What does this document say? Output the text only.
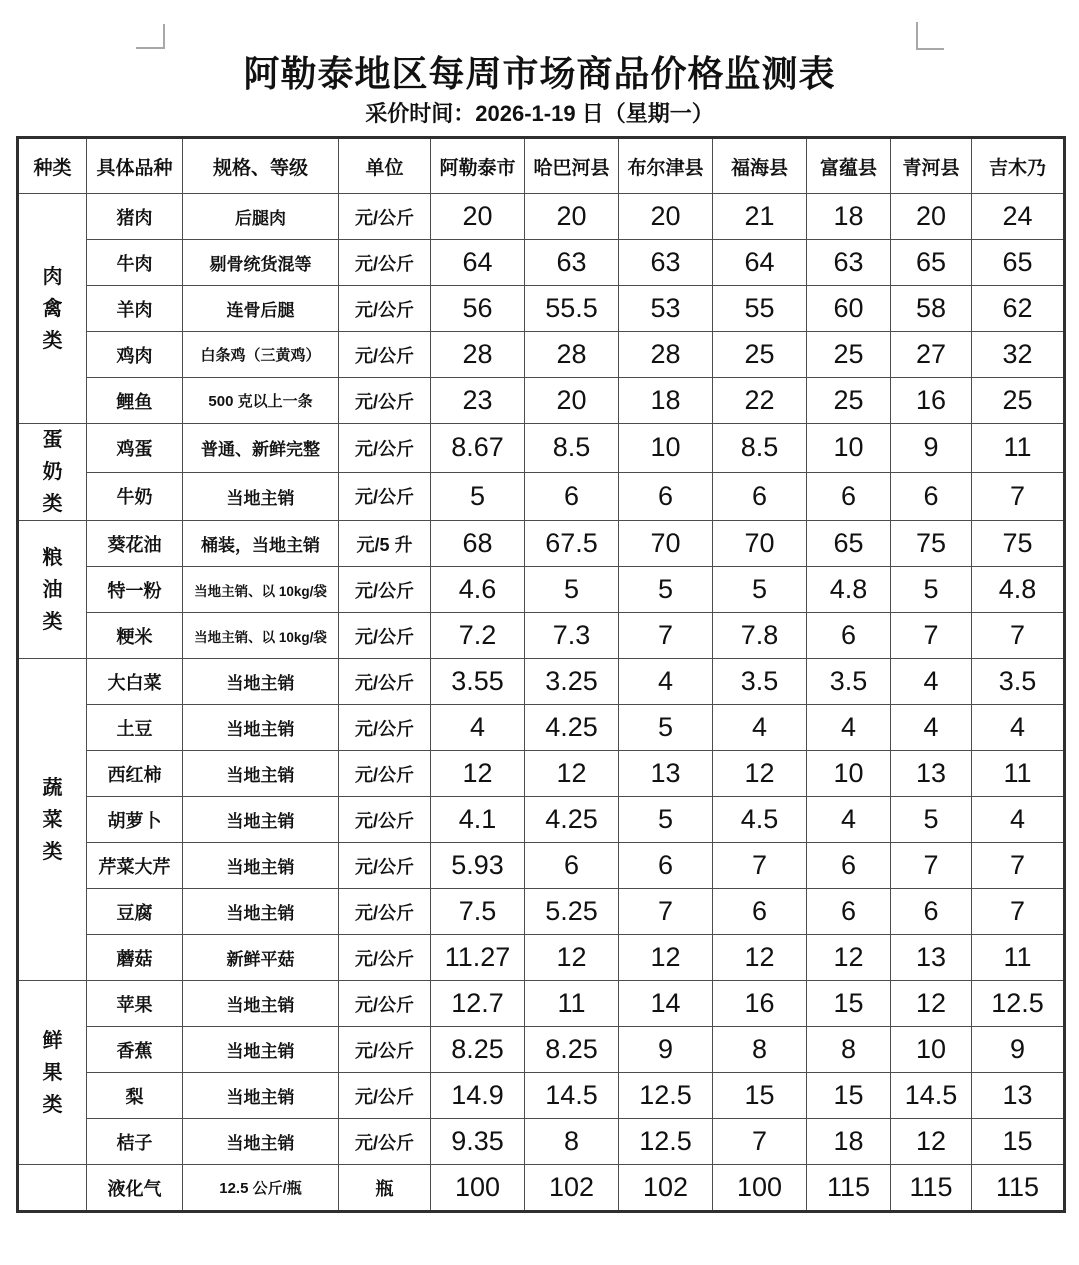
阿勒泰地区每周市场商品价格监测表
采价时间：2026-1-19 日（星期一）
种类	具体品种	规格、等级	单位	阿勒泰市	哈巴河县	布尔津县	福海县	富蕴县	青河县	吉木乃
肉禽类	猪肉	后腿肉	元/公斤	20	20	20	21	18	20	24
	牛肉	剔骨统货混等	元/公斤	64	63	63	64	63	65	65
	羊肉	连骨后腿	元/公斤	56	55.5	53	55	60	58	62
	鸡肉	白条鸡（三黄鸡）	元/公斤	28	28	28	25	25	27	32
	鲤鱼	500 克以上一条	元/公斤	23	20	18	22	25	16	25
蛋奶类	鸡蛋	普通、新鲜完整	元/公斤	8.67	8.5	10	8.5	10	9	11
	牛奶	当地主销	元/公斤	5	6	6	6	6	6	7
粮油类	葵花油	桶装，当地主销	元/5 升	68	67.5	70	70	65	75	75
	特一粉	当地主销、以 10kg/袋	元/公斤	4.6	5	5	5	4.8	5	4.8
	粳米	当地主销、以 10kg/袋	元/公斤	7.2	7.3	7	7.8	6	7	7
蔬菜类	大白菜	当地主销	元/公斤	3.55	3.25	4	3.5	3.5	4	3.5
	土豆	当地主销	元/公斤	4	4.25	5	4	4	4	4
	西红柿	当地主销	元/公斤	12	12	13	12	10	13	11
	胡萝卜	当地主销	元/公斤	4.1	4.25	5	4.5	4	5	4
	芹菜大芹	当地主销	元/公斤	5.93	6	6	7	6	7	7
	豆腐	当地主销	元/公斤	7.5	5.25	7	6	6	6	7
	蘑菇	新鲜平菇	元/公斤	11.27	12	12	12	12	13	11
鲜果类	苹果	当地主销	元/公斤	12.7	11	14	16	15	12	12.5
	香蕉	当地主销	元/公斤	8.25	8.25	9	8	8	10	9
	梨	当地主销	元/公斤	14.9	14.5	12.5	15	15	14.5	13
	桔子	当地主销	元/公斤	9.35	8	12.5	7	18	12	15
	液化气	12.5 公斤/瓶	瓶	100	102	102	100	115	115	115
